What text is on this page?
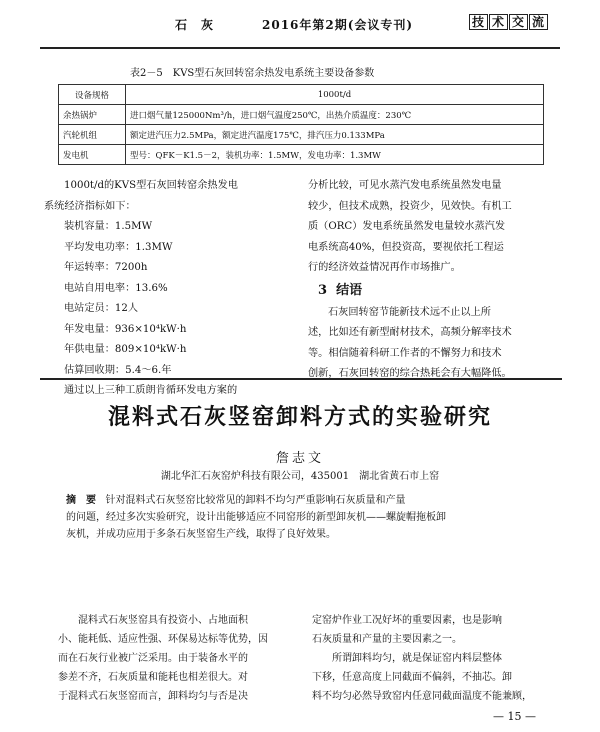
石　灰	2016年第2期(会议专刊)	技 术 交 流
表2－5　KVS型石灰回转窑余热发电系统主要设备参数
设备规格	1000t/d
余热锅炉	进口烟气量125000Nm³/h，进口烟气温度250℃，出热介质温度：230℃
汽轮机组	额定进汽压力2.5MPa，额定进汽温度175℃，排汽压力0.133MPa
发电机	型号：QFK－K1.5－2，装机功率：1.5MW，发电功率：1.3MW
1000t/d的KVS型石灰回转窑余热发电
系统经济指标如下：
装机容量：1.5MW
平均发电功率：1.3MW
年运转率：7200h
电站自用电率：13.6%
电站定员：12人
年发电量：936×10⁴kW·h
年供电量：809×10⁴kW·h
估算回收期：5.4～6.年
通过以上三种工质朗肯循环发电方案的
分析比较，可见水蒸汽发电系统虽然发电量
较少，但技术成熟，投资少，见效快。有机工
质（ORC）发电系统虽然发电量较水蒸汽发
电系统高40%，但投资高，要视依托工程运
行的经济效益情况再作市场推广。
3 结语
石灰回转窑节能新技术远不止以上所
述，比如还有新型耐材技术，高频分解率技术
等。相信随着科研工作者的不懈努力和技术
创新，石灰回转窑的综合热耗会有大幅降低。
混料式石灰竖窑卸料方式的实验研究
詹志文
湖北华汇石灰窑炉科技有限公司，435001　湖北省黄石市上窑
摘　要 针对混料式石灰竖窑比较常见的卸料不均匀严重影响石灰质量和产量
的问题，经过多次实验研究，设计出能够适应不同窑形的新型卸灰机——螺旋帽拖板卸
灰机，并成功应用于多条石灰竖窑生产线，取得了良好效果。
混料式石灰竖窑具有投资小、占地面积
小、能耗低、适应性强、环保易达标等优势，因
而在石灰行业被广泛采用。由于装备水平的
参差不齐，石灰质量和能耗也相差很大。对
于混料式石灰竖窑而言，卸料均匀与否是决
定窑炉作业工况好坏的重要因素，也是影响
石灰质量和产量的主要因素之一。
所谓卸料均匀，就是保证窑内料层整体
下移，任意高度上同截面不偏斜，不抽芯。卸
料不均匀必然导致窑内任意同截面温度不能兼顾，
— 15 —
